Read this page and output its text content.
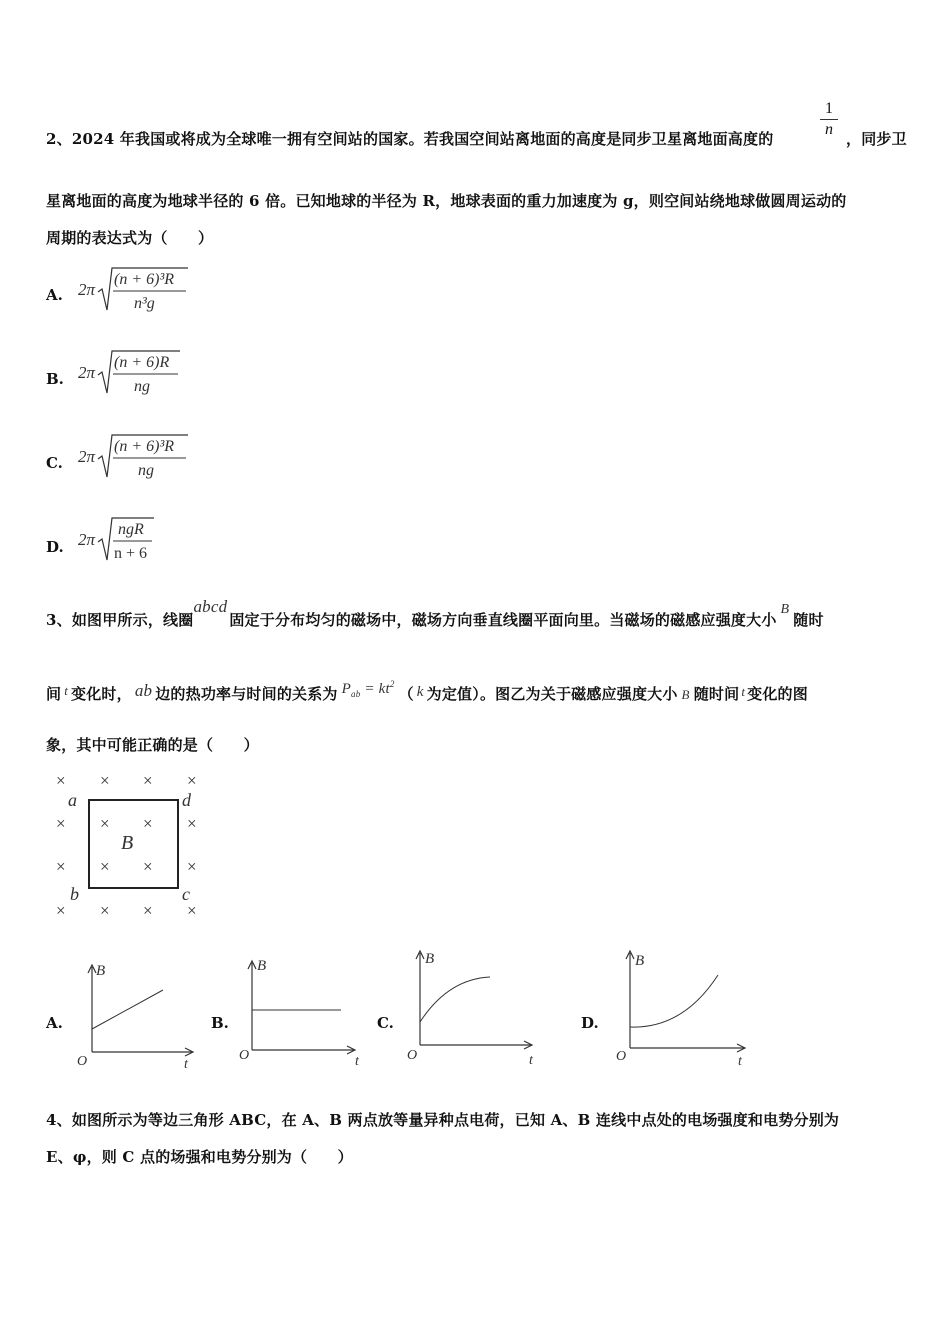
1
n
2、2024 年我国或将成为全球唯一拥有空间站的国家。若我国空间站离地面的高度是同步卫星离地面高度的	，同步卫
星离地面的高度为地球半径的 6 倍。已知地球的半径为 R，地球表面的重力加速度为 g，则空间站绕地球做圆周运动的
周期的表达式为（　　）
A. 2π
(n + 6)³R
n³g
B. 2π
(n + 6)R
ng
C. 2π
(n + 6)³R
ng
D. 2π
ngR
n + 6
3、如图甲所示，线圈abcd固定于分布均匀的磁场中，磁场方向垂直线圈平面向里。当磁场的磁感应强度大小B随时
间 t 变化时， ab 边的热功率与时间的关系为 $P_{ab} = kt^2$（ k 为定值）。图乙为关于磁感应强度大小 B 随时间 t 变化的图
象，其中可能正确的是（　　）
× × × ×
× × × ×
× × × ×
× × × ×
a	d
b	c
B
A.
B
t
O
B.
B
t
O
C.
B
t
O
D.
B
t
O
4、如图所示为等边三角形 ABC，在 A、B 两点放等量异种点电荷，已知 A、B 连线中点处的电场强度和电势分别为
E、φ，则 C 点的场强和电势分别为（　　）
